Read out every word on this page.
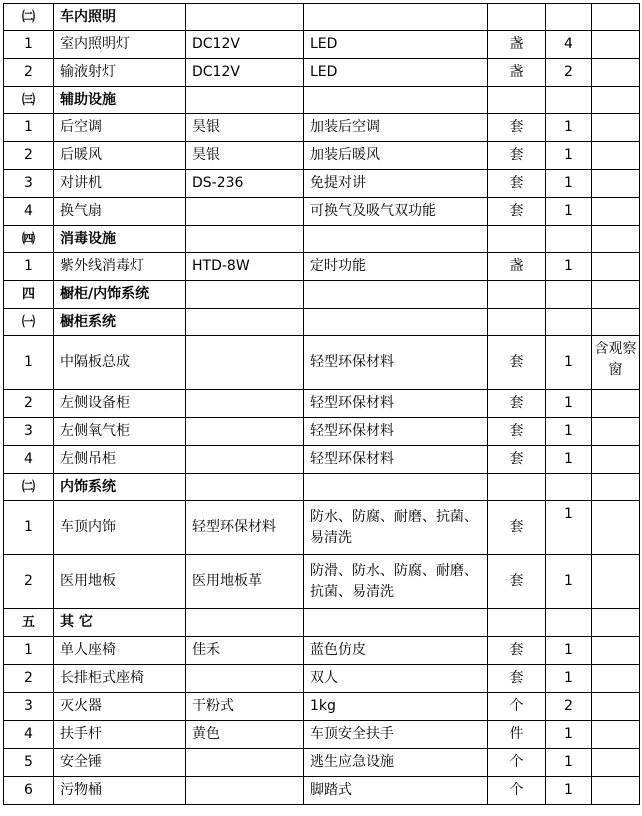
㈡	车内照明					
1	室内照明灯	DC12V	LED	盏	4	
2	输液射灯	DC12V	LED	盏	2	
㈢	辅助设施					
1	后空调	昊银	加装后空调	套	1	
2	后暖风	昊银	加装后暖风	套	1	
3	对讲机	DS-236	免提对讲	套	1	
4	换气扇		可换气及吸气双功能	套	1	
㈣	消毒设施					
1	紫外线消毒灯	HTD-8W	定时功能	盏	1	
四	橱柜/内饰系统					
㈠	橱柜系统					
1	中隔板总成		轻型环保材料	套	1	含观察窗
2	左侧设备柜		轻型环保材料	套	1	
3	左侧氧气柜		轻型环保材料	套	1	
4	左侧吊柜		轻型环保材料	套	1	
㈡	内饰系统					
1	车顶内饰	轻型环保材料	防水、防腐、耐磨、抗菌、易清洗	套	1	
2	医用地板	医用地板革	防滑、防水、防腐、耐磨、抗菌、易清洗	套	1	
五	其 它					
1	单人座椅	佳禾	蓝色仿皮	套	1	
2	长排柜式座椅		双人	套	1	
3	灭火器	干粉式	1kg	个	2	
4	扶手杆	黄色	车顶安全扶手	件	1	
5	安全锤		逃生应急设施	个	1	
6	污物桶		脚踏式	个	1	
